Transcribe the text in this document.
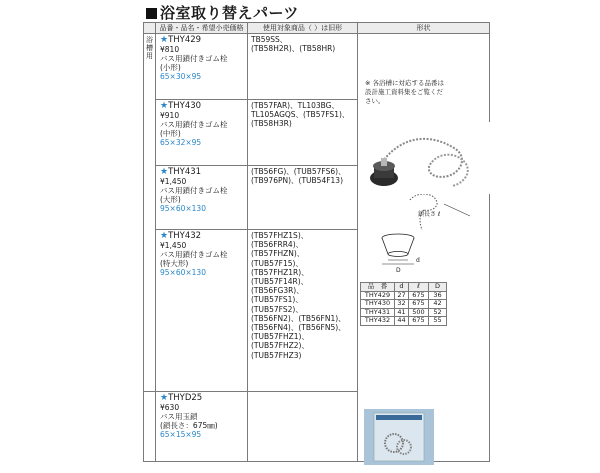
浴室取り替えパーツ
	品番・品名・希望小売価格	使用対象商品（ ）は旧形	形状

浴
槽
用

★THY429
¥810
バス用鎖付きゴム栓
(小形)
65×30×95

TB59SS、
(TB58H2R)、(TB58HR)

※ 各浴槽に対応する品番は設計施工資料集をご覧ください。
鎖長さ ℓ
D
d
品　番	d	ℓ	D
THY429	27	675	36
THY430	32	675	42
THY431	41	500	52
THY432	44	675	55

★THY430
¥910
バス用鎖付きゴム栓
(中形)
65×32×95

(TB57FAR)、TL103BG、
TL105AGQS、(TB57FS1)、
(TB58H3R)

★THY431
¥1,450
バス用鎖付きゴム栓
(大形)
95×60×130

(TB56FG)、(TUB57FS6)、
(TB976PN)、(TUB54F13)

★THY432
¥1,450
バス用鎖付きゴム栓
(特大形)
95×60×130

(TB57FHZ1S)、
(TB56FRR4)、
(TB57FHZN)、
(TUB57F15)、
(TB57FHZ1R)、
(TUB57F14R)、
(TB56FG3R)、
(TUB57FS1)、
(TUB57FS2)、
(TB56FN2)、(TB56FN1)、
(TB56FN4)、(TB56FN5)、
(TUB57FHZ1)、
(TUB57FHZ2)、
(TUB57FHZ3)

★THYD25
¥630
バス用玉鎖
(鎖長さ：675㎜)
65×15×95
